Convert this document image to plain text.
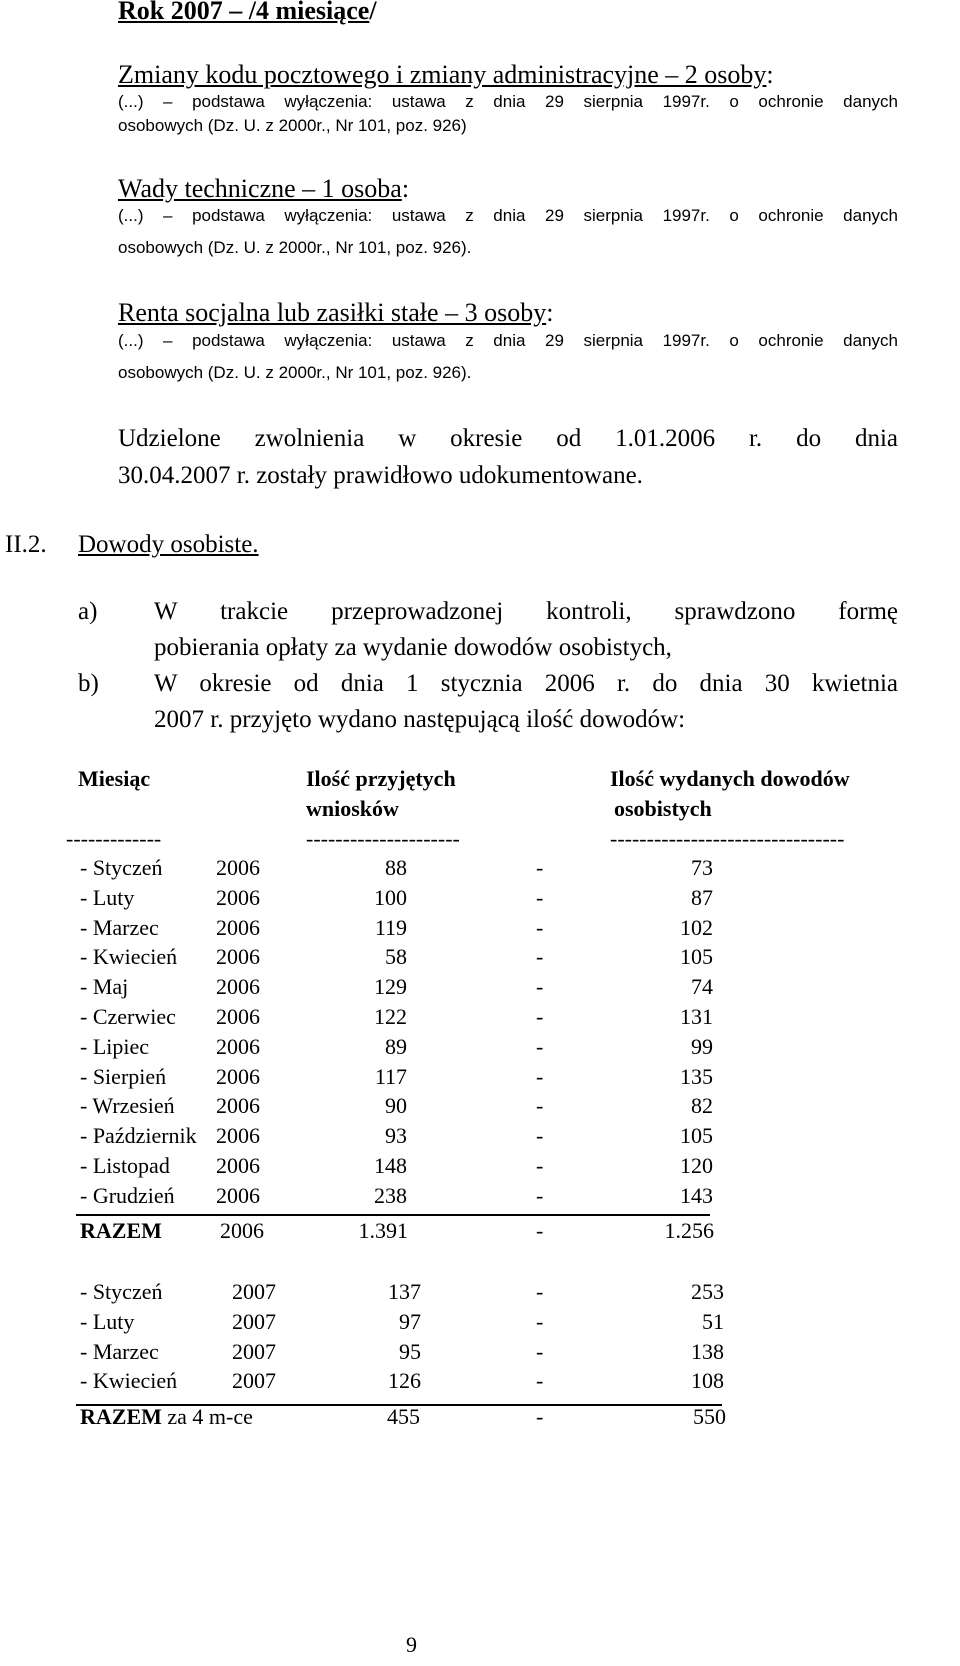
Rok 2007 – /4 miesiące/
Zmiany kodu pocztowego i zmiany administracyjne – 2 osoby:
(...) – podstawa wyłączenia: ustawa z dnia 29 sierpnia 1997r. o ochronie danych
osobowych (Dz. U. z 2000r., Nr 101, poz. 926)
Wady techniczne – 1 osoba:
(...) – podstawa wyłączenia: ustawa z dnia 29 sierpnia 1997r. o ochronie danych
osobowych (Dz. U. z 2000r., Nr 101, poz. 926).
Renta socjalna lub zasiłki stałe – 3 osoby:
(...) – podstawa wyłączenia: ustawa z dnia 29 sierpnia 1997r. o ochronie danych
osobowych (Dz. U. z 2000r., Nr 101, poz. 926).
Udzielone zwolnienia w okresie od 1.01.2006 r. do dnia
30.04.2007 r. zostały prawidłowo udokumentowane.
II.2. Dowody osobiste.
a) W trakcie przeprowadzonej kontroli, sprawdzono formę
pobierania opłaty za wydanie dowodów osobistych,
b) W okresie od dnia 1 stycznia 2006 r. do dnia 30 kwietnia
2007 r. przyjęto wydano następującą ilość dowodów:
Miesiąc	Ilość przyjętych
wniosków
Ilość wydanych dowodów
osobistych
-------------	---------------------	--------------------------------
- Styczeń 2006	88	-	73
- Luty	2006	100	-	87
- Marzec	2006	119	-	102
- Kwiecień 2006	58	-	105
- Maj	2006	129	-	74
- Czerwiec 2006	122	-	131
- Lipiec	2006	89	-	99
- Sierpień 2006	117	-	135
- Wrzesień 2006	90	-	82
- Październik 2006	93	-	105
- Listopad 2006	148	-	120
- Grudzień 2006	238	-	143
RAZEM	2006	1.391	-	1.256
- Styczeń	2007	137	-	253
- Luty	2007	97	-	51
- Marzec	2007	95	-	138
- Kwiecień 2007	126	-	108
RAZEM za 4 m-ce	455	-	550
9
